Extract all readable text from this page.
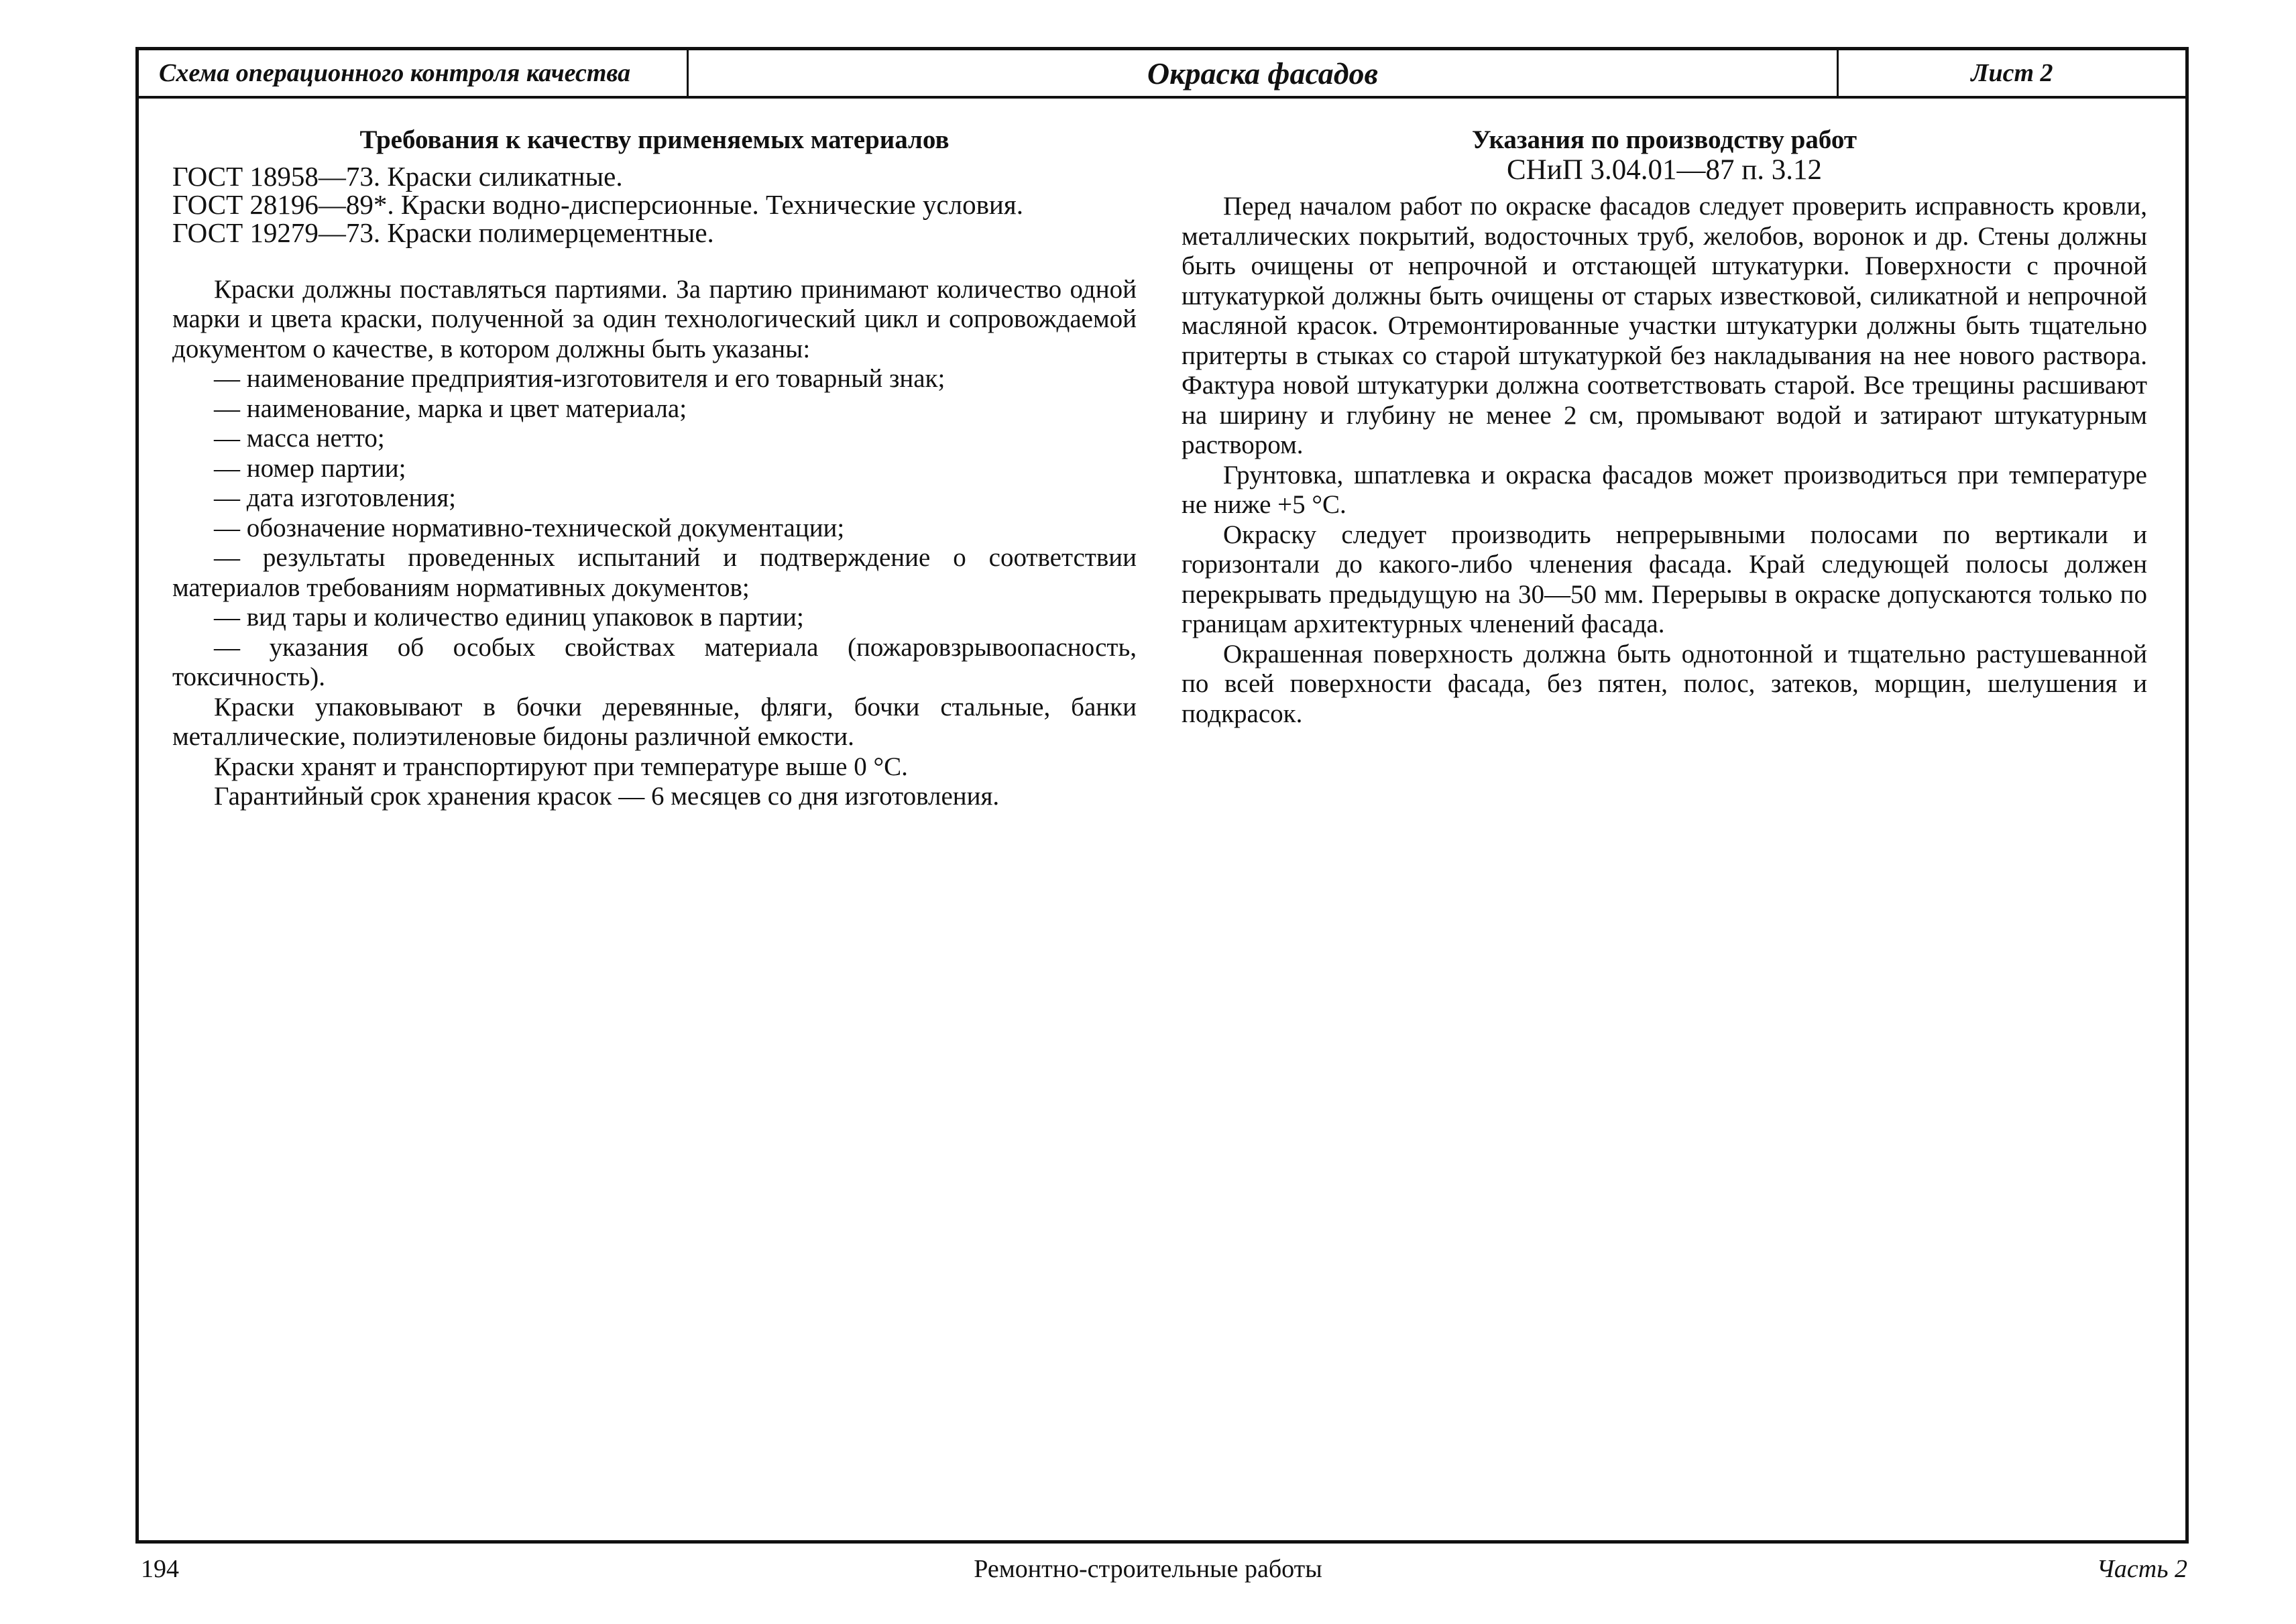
Схема операционного контроля качества	Окраска фасадов	Лист 2
Требования к качеству применяемых материалов
ГОСТ 18958—73. Краски силикатные.
ГОСТ 28196—89*. Краски водно-дисперсионные. Технические условия.
ГОСТ 19279—73. Краски полимерцементные.

Краски должны поставляться партиями. За партию принимают количество одной марки и цвета краски, полученной за один технологический цикл и сопровождаемой документом о качестве, в котором должны быть указаны:

— наименование предприятия-изготовителя и его товарный знак;
— наименование, марка и цвет материала;
— масса нетто;
— номер партии;
— дата изготовления;
— обозначение нормативно-технической документации;
— результаты проведенных испытаний и подтверждение о соответствии материалов требованиям нормативных документов;
— вид тары и количество единиц упаковок в партии;
— указания об особых свойствах материала (пожаровзрывоопасность, токсичность).

Краски упаковывают в бочки деревянные, фляги, бочки стальные, банки металлические, полиэтиленовые бидоны различной емкости.

Краски хранят и транспортируют при температуре выше 0 °С.

Гарантийный срок хранения красок — 6 месяцев со дня изготовления.

Указания по производству работ
СНиП 3.04.01—87 п. 3.12

Перед началом работ по окраске фасадов следует проверить исправность кровли, металлических покрытий, водосточных труб, желобов, воронок и др. Стены должны быть очищены от непрочной и отстающей штукатурки. Поверхности с прочной штукатуркой должны быть очищены от старых известковой, силикатной и непрочной масляной красок. Отремонтированные участки штукатурки должны быть тщательно притерты в стыках со старой штукатуркой без накладывания на нее нового раствора. Фактура новой штукатурки должна соответствовать старой. Все трещины расшивают на ширину и глубину не менее 2 см, промывают водой и затирают штукатурным раствором.

Грунтовка, шпатлевка и окраска фасадов может производиться при температуре не ниже +5 °С.

Окраску следует производить непрерывными полосами по вертикали и горизонтали до какого-либо членения фасада. Край следующей полосы должен перекрывать предыдущую на 30—50 мм. Перерывы в окраске допускаются только по границам архитектурных членений фасада.

Окрашенная поверхность должна быть однотонной и тщательно растушеванной по всей поверхности фасада, без пятен, полос, затеков, морщин, шелушения и подкрасок.

194	Ремонтно-строительные работы	Часть 2
